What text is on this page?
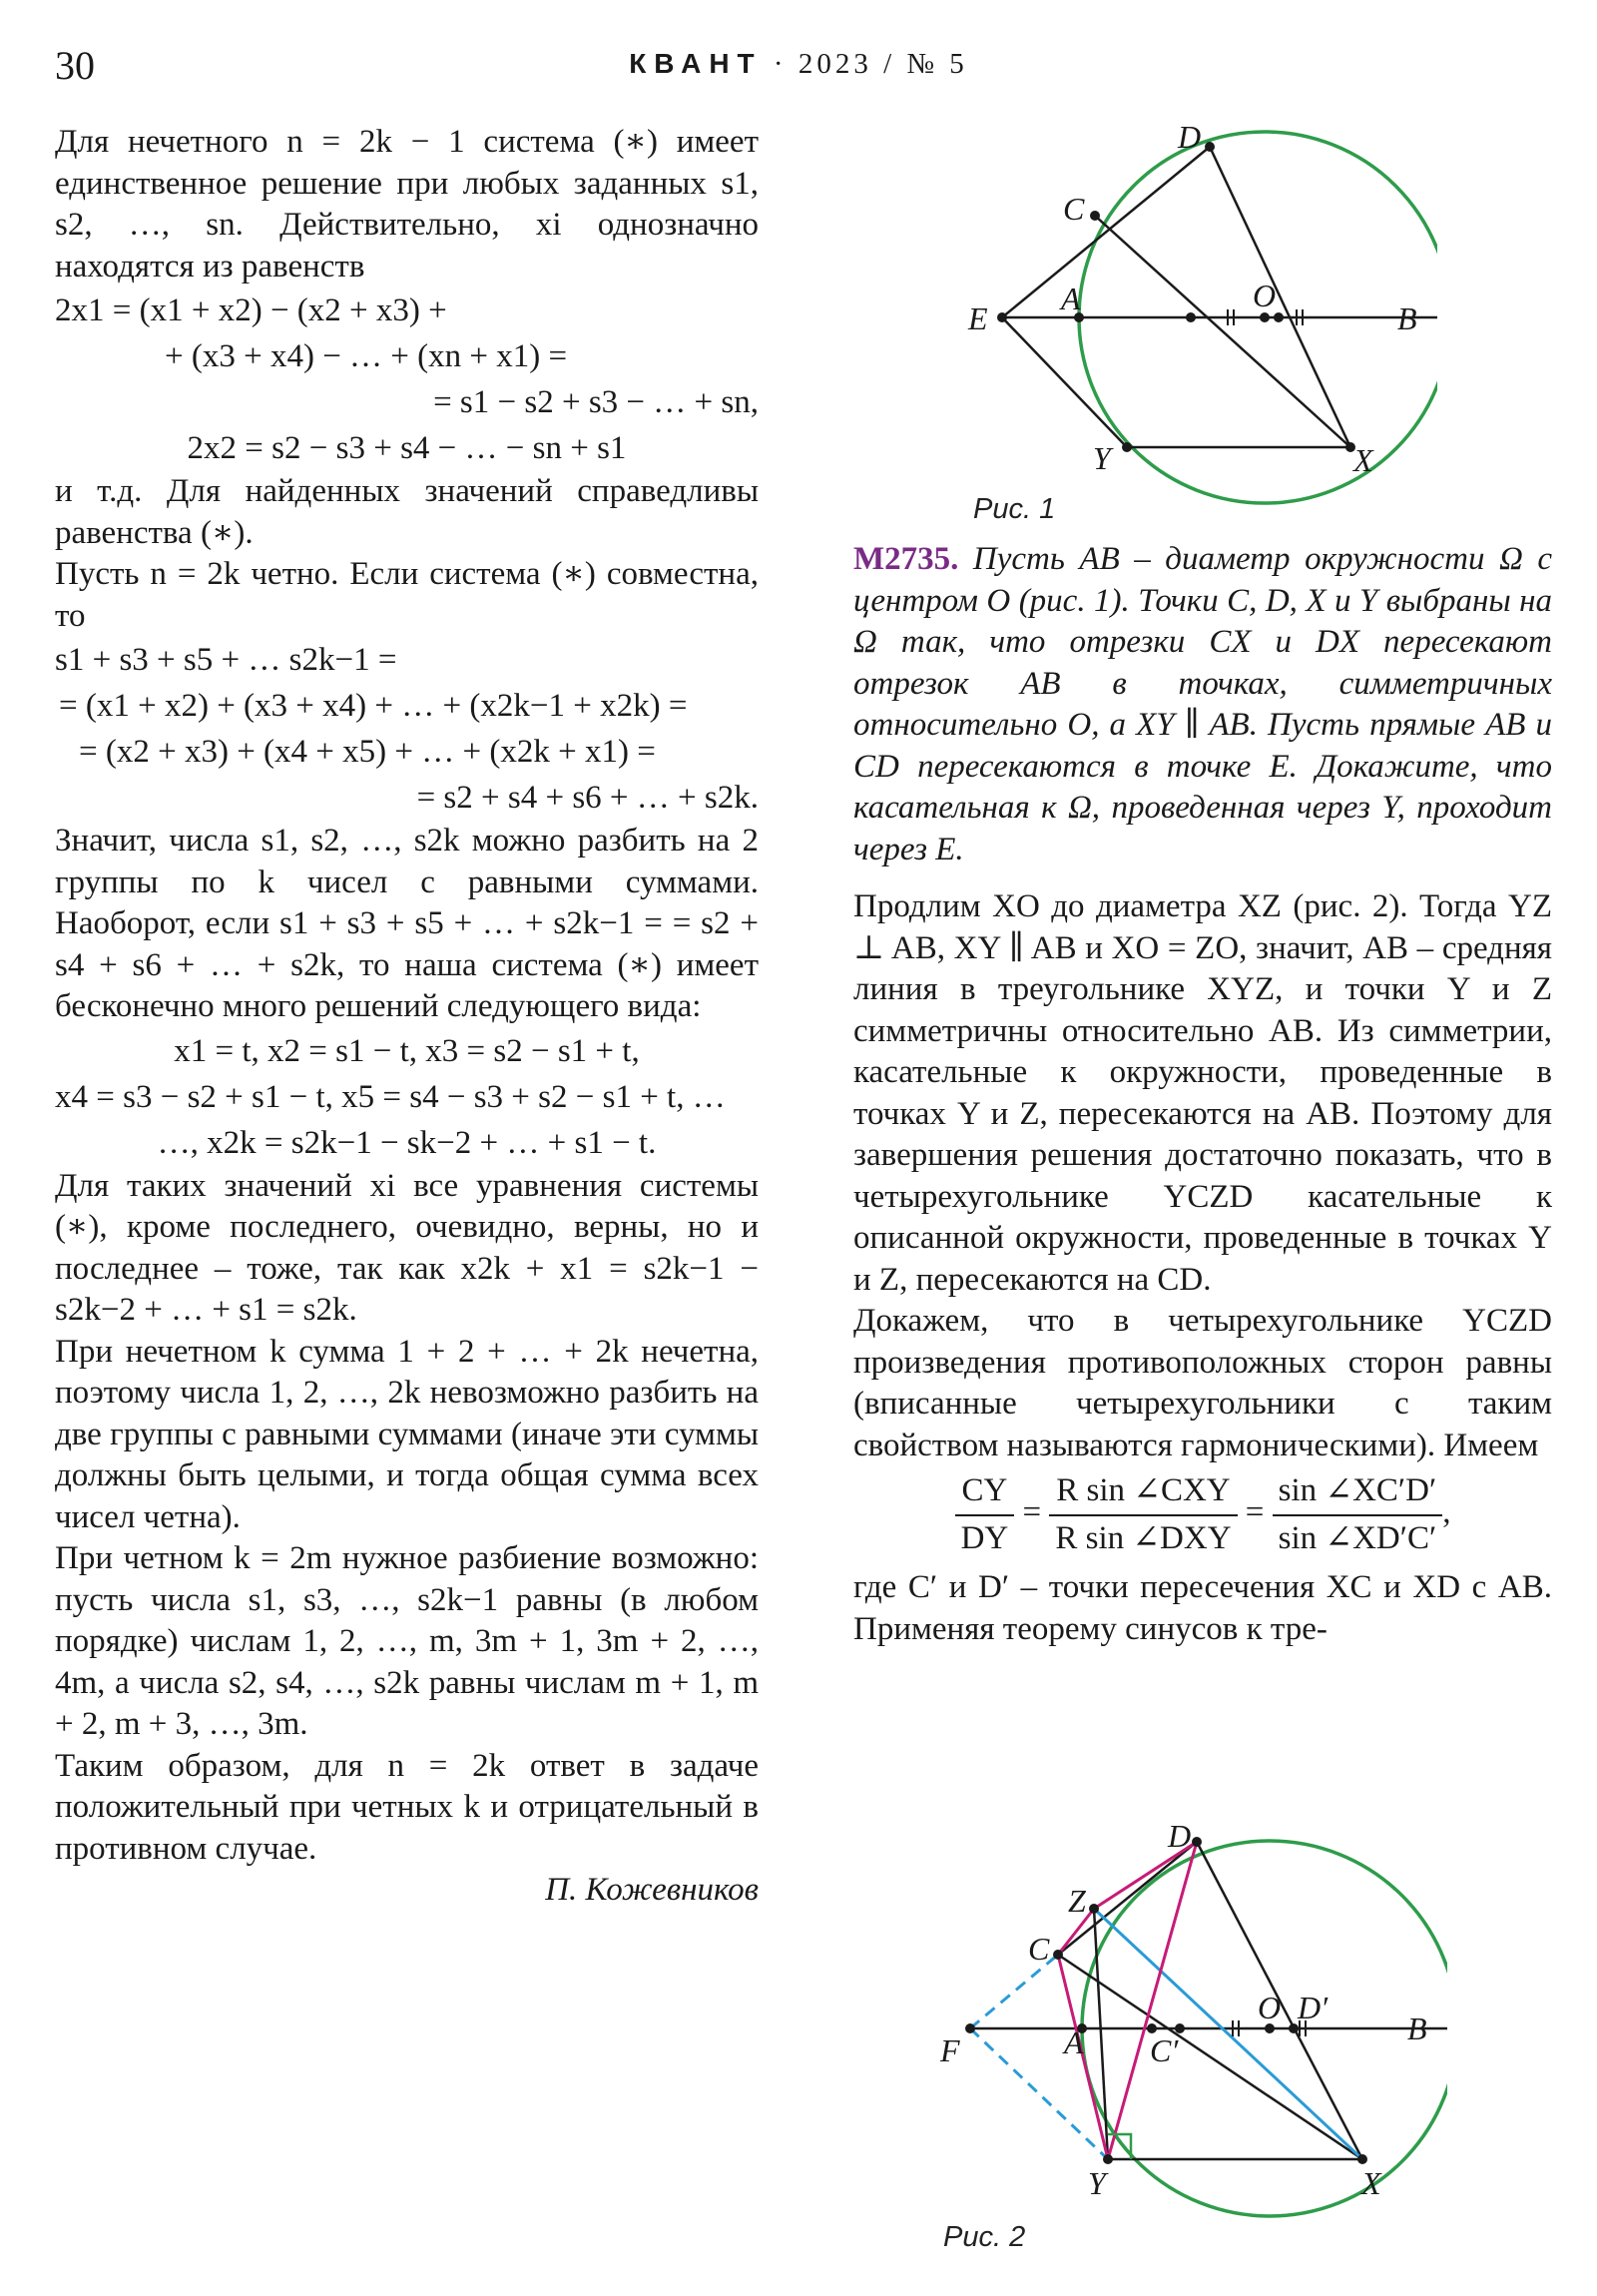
30	КВАНТ · 2023 / № 5

Для нечетного n = 2k − 1 система (∗) имеет единственное решение при любых заданных s1, s2, …, sn. Действительно, xi однозначно находятся из равенств

2x1 = (x1 + x2) − (x2 + x3) +
+ (x3 + x4) − … + (xn + x1) =
= s1 − s2 + s3 − … + sn,
2x2 = s2 − s3 + s4 − … − sn + s1

и т.д. Для найденных значений справедливы равенства (∗).

Пусть n = 2k четно. Если система (∗) совместна, то

s1 + s3 + s5 + … s2k−1 =
= (x1 + x2) + (x3 + x4) + … + (x2k−1 + x2k) =
= (x2 + x3) + (x4 + x5) + … + (x2k + x1) =
= s2 + s4 + s6 + … + s2k.

Значит, числа s1, s2, …, s2k можно разбить на 2 группы по k чисел с равными суммами. Наоборот, если s1 + s3 + s5 + … + s2k−1 = = s2 + s4 + s6 + … + s2k, то наша система (∗) имеет бесконечно много решений следующего вида:

x1 = t, x2 = s1 − t, x3 = s2 − s1 + t,
x4 = s3 − s2 + s1 − t, x5 = s4 − s3 + s2 − s1 + t, …
…, x2k = s2k−1 − sk−2 + … + s1 − t.

Для таких значений xi все уравнения системы (∗), кроме последнего, очевидно, верны, но и последнее – тоже, так как x2k + x1 = s2k−1 − s2k−2 + … + s1 = s2k.

При нечетном k сумма 1 + 2 + … + 2k нечетна, поэтому числа 1, 2, …, 2k невозможно разбить на две группы с равными суммами (иначе эти суммы должны быть целыми, и тогда общая сумма всех чисел четна).

При четном k = 2m нужное разбиение возможно: пусть числа s1, s3, …, s2k−1 равны (в любом порядке) числам 1, 2, …, m, 3m + 1, 3m + 2, …, 4m, а числа s2, s4, …, s2k равны числам m + 1, m + 2, m + 3, …, 3m.

Таким образом, для n = 2k ответ в задаче положительный при четных k и отрицательный в противном случае.

П. Кожевников

D
C
E
A	O
B
Y	X
Рис. 1

М2735. Пусть AB – диаметр окружности Ω с центром O (рис. 1). Точки C, D, X и Y выбраны на Ω так, что отрезки CX и DX пересекают отрезок AB в точках, симметричных относительно O, а XY ∥ AB. Пусть прямые AB и CD пересекаются в точке E. Докажите, что касательная к Ω, проведенная через Y, проходит через E.

Продлим XO до диаметра XZ (рис. 2). Тогда YZ ⊥ AB, XY ∥ AB и XO = ZO, значит, AB – средняя линия в треугольнике XYZ, и точки Y и Z симметричны относительно AB. Из симметрии, касательные к окружности, проведенные в точках Y и Z, пересекаются на AB. Поэтому для завершения решения достаточно показать, что в четырехугольнике YCZD касательные к описанной окружности, проведенные в точках Y и Z, пересекаются на CD.

Докажем, что в четырехугольнике YCZD произведения противоположных сторон равны (вписанные четырехугольники с таким свойством называются гармоническими). Имеем

$\frac{CY}{DY} = \frac{\text{R sin ∠CXY}}{\text{R sin ∠DXY}} = \frac{\sin \angle XC'D'}{\sin \angle XD'C'}$ ,

где C′ и D′ – точки пересечения XC и XD с AB. Применяя теорему синусов к тре-

D
Z
C
F	A C′
O D′
B
Y	X
Рис. 2
